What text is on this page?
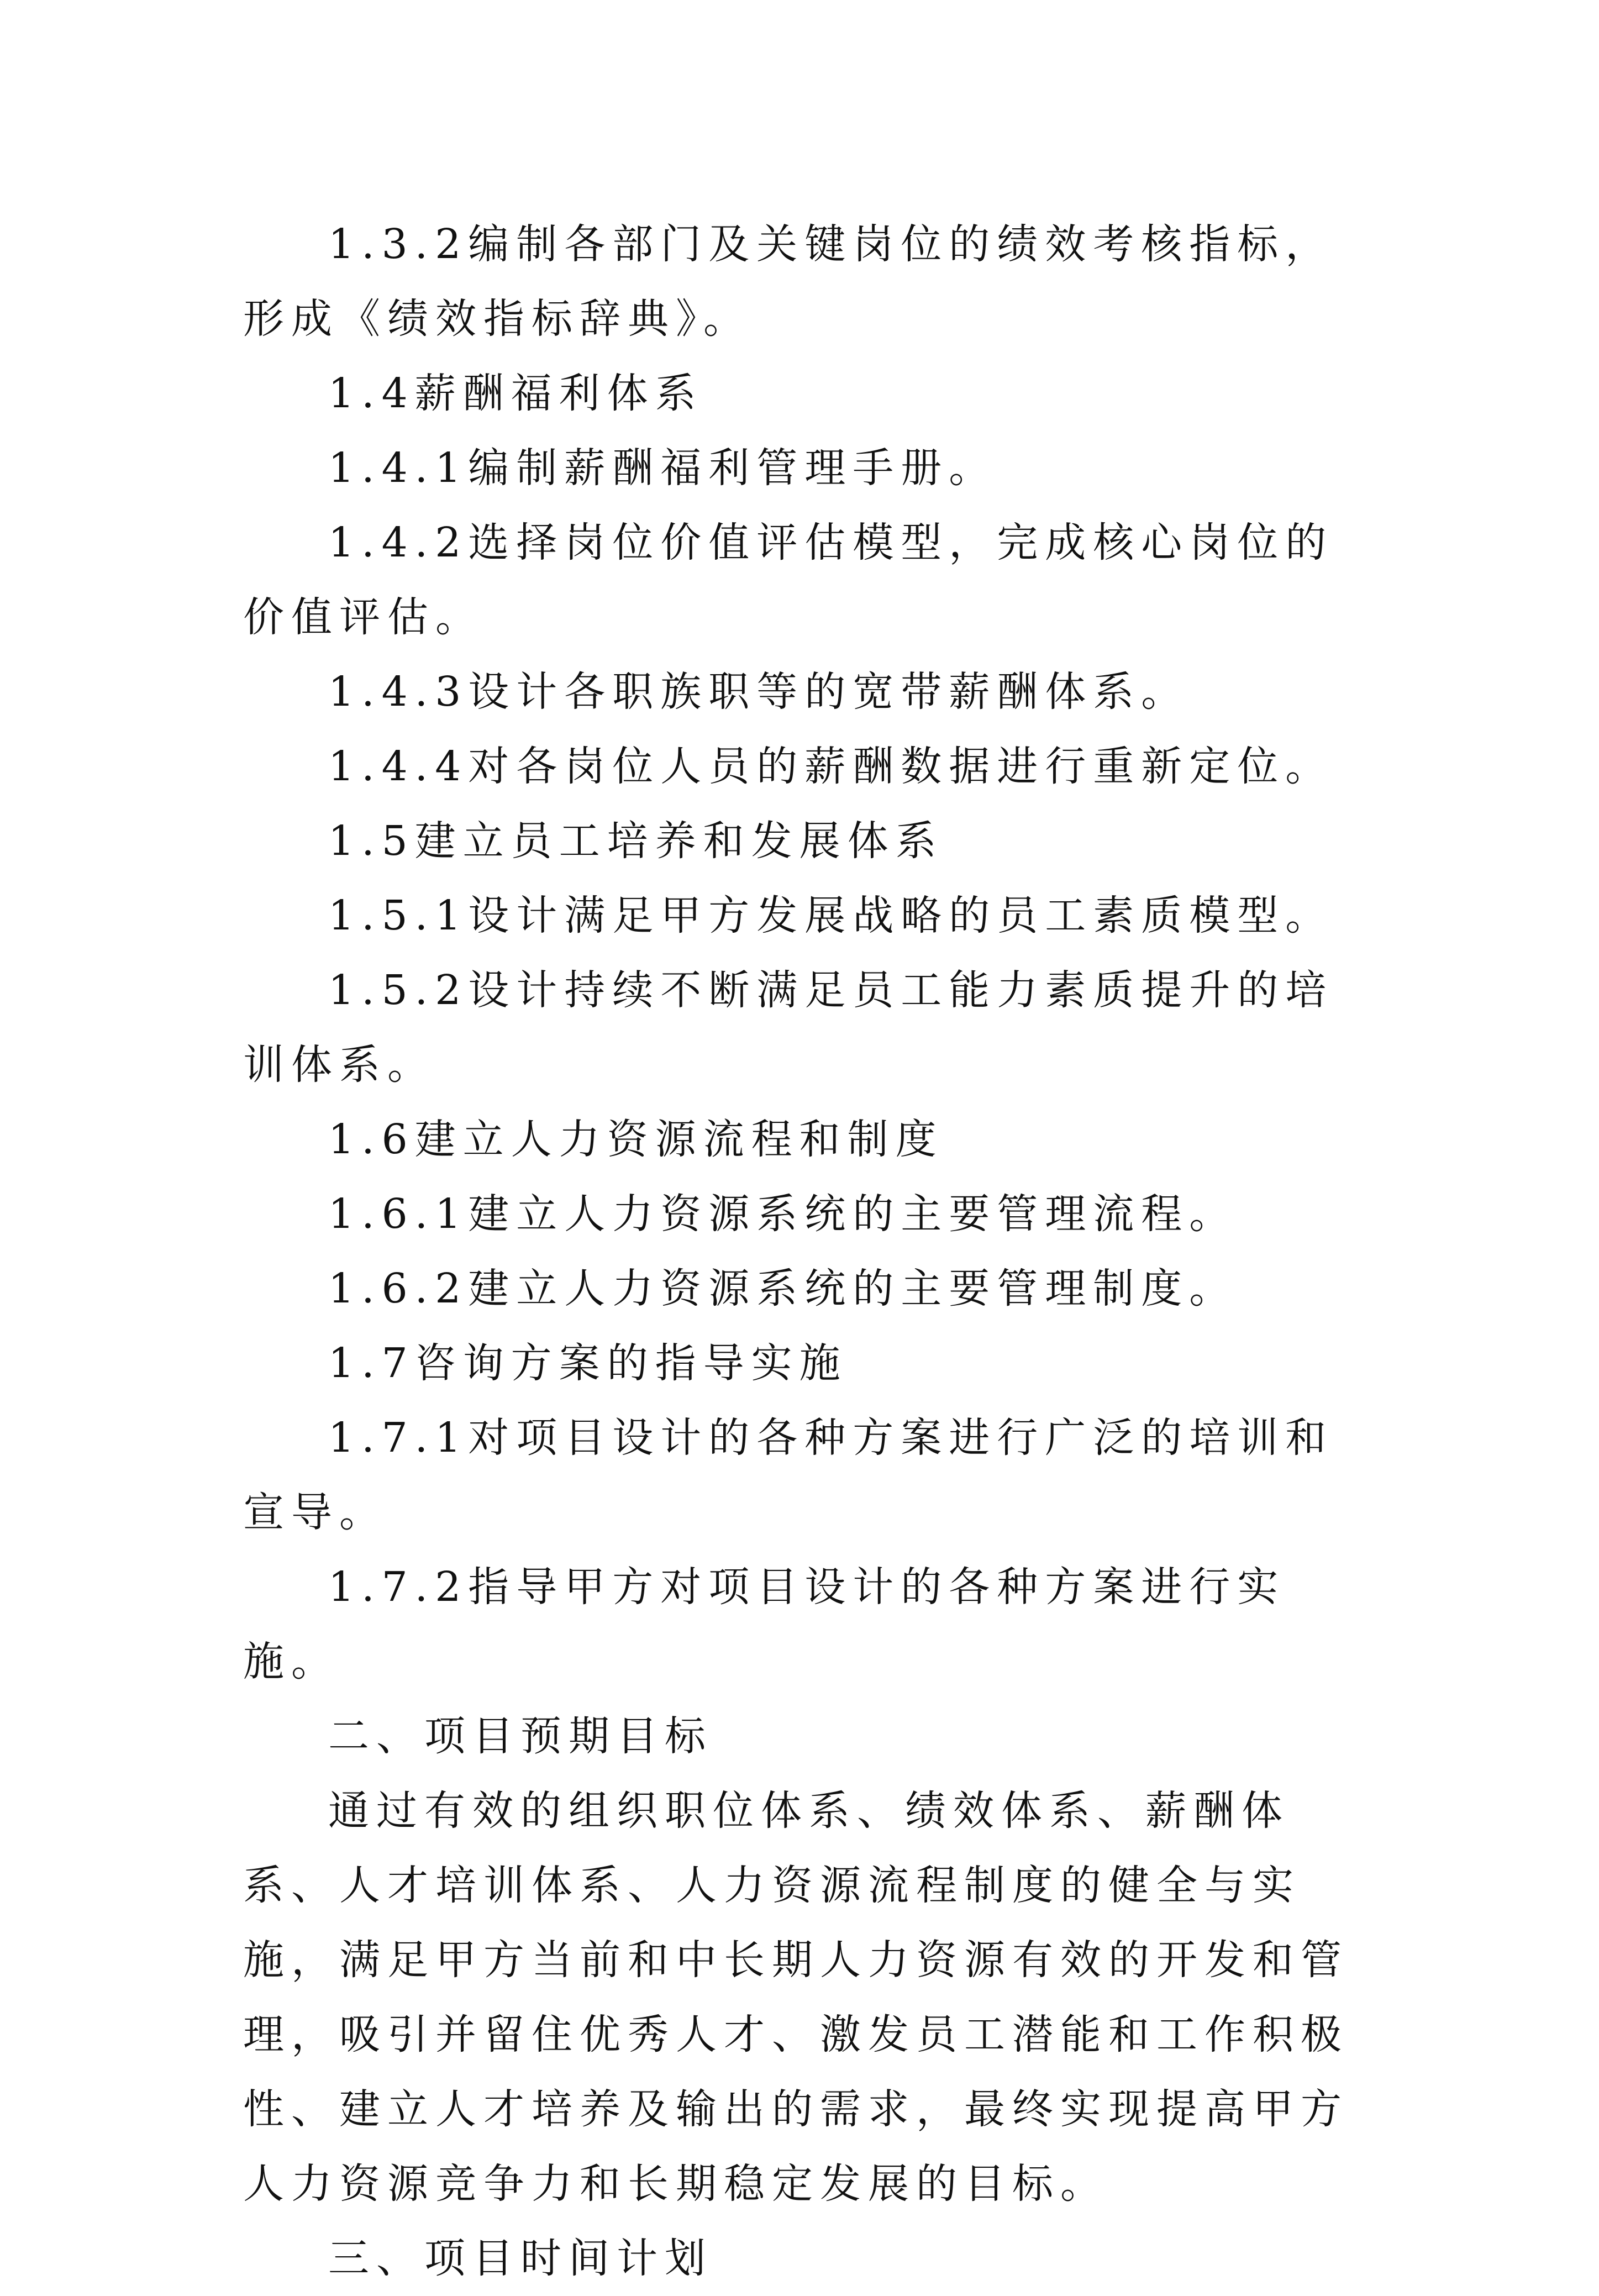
1.3.2编制各部门及关键岗位的绩效考核指标，形成《绩效指标辞典》。

1.4薪酬福利体系

1.4.1编制薪酬福利管理手册。

1.4.2选择岗位价值评估模型，完成核心岗位的价值评估。

1.4.3设计各职族职等的宽带薪酬体系。

1.4.4对各岗位人员的薪酬数据进行重新定位。

1.5建立员工培养和发展体系

1.5.1设计满足甲方发展战略的员工素质模型。

1.5.2设计持续不断满足员工能力素质提升的培训体系。

1.6建立人力资源流程和制度

1.6.1建立人力资源系统的主要管理流程。

1.6.2建立人力资源系统的主要管理制度。

1.7咨询方案的指导实施

1.7.1对项目设计的各种方案进行广泛的培训和宣导。

1.7.2指导甲方对项目设计的各种方案进行实施。

二、项目预期目标

通过有效的组织职位体系、绩效体系、薪酬体系、人才培训体系、人力资源流程制度的健全与实施，满足甲方当前和中长期人力资源有效的开发和管理，吸引并留住优秀人才、激发员工潜能和工作积极性、建立人才培养及输出的需求，最终实现提高甲方人力资源竞争力和长期稳定发展的目标。

三、项目时间计划
